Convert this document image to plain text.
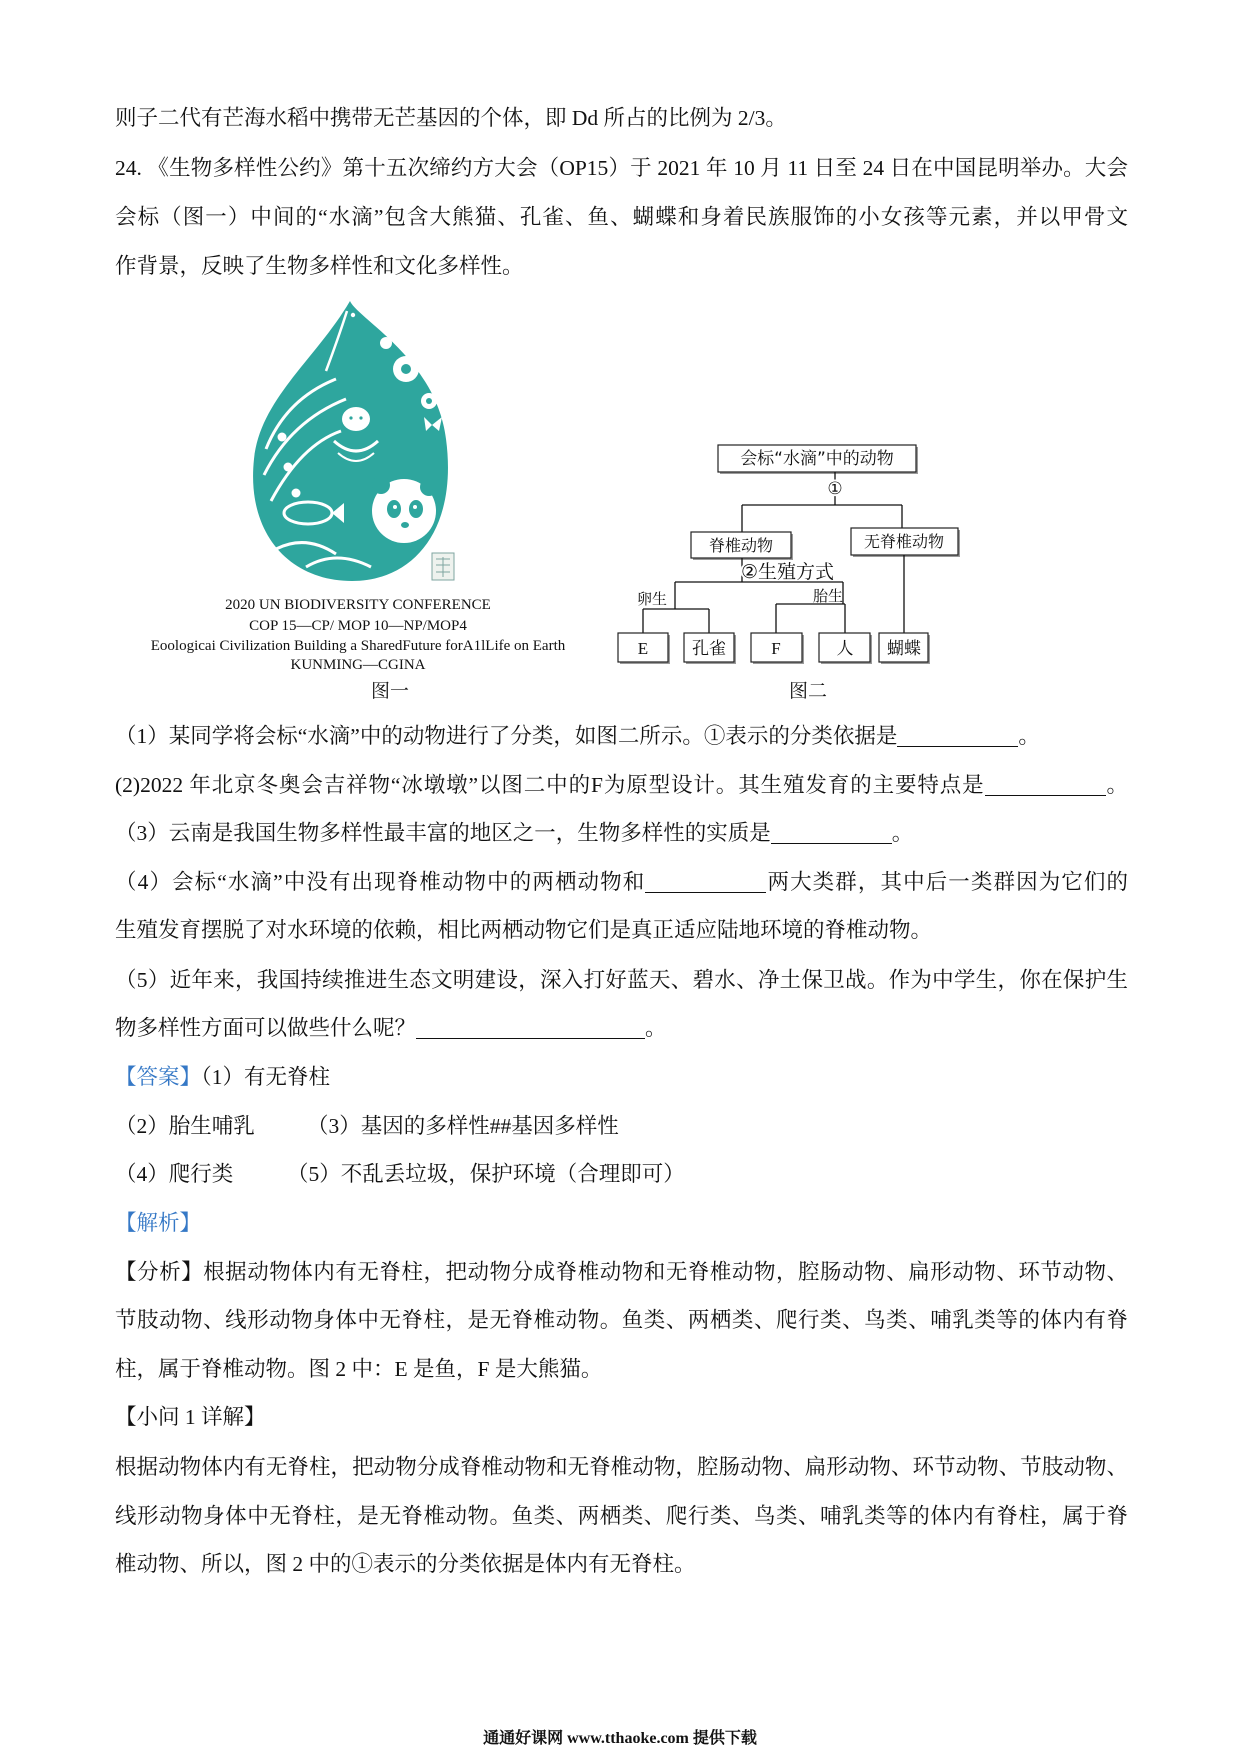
则子二代有芒海水稻中携带无芒基因的个体，即 Dd 所占的比例为 2/3。
24. 《生物多样性公约》第十五次缔约方大会（OP15）于 2021 年 10 月 11 日至 24 日在中国昆明举办。大会
会标（图一）中间的“水滴”包含大熊猫、孔雀、鱼、蝴蝶和身着民族服饰的小女孩等元素，并以甲骨文
作背景，反映了生物多样性和文化多样性。
2020 UN BIODIVERSITY CONFERENCE
COP 15—CP/ MOP 10—NP/MOP4
Eoologicai Civilization Building a SharedFuture forA1lLife on Earth
KUNMING—CGINA
图一
会标“水滴”中的动物
①
脊椎动物	无脊椎动物
②生殖方式
卵生	胎生
E	孔雀	F	人 蝴蝶
图二
（1）某同学将会标“水滴”中的动物进行了分类，如图二所示。①表示的分类依据是	。
(2)2022 年北京冬奥会吉祥物“冰墩墩”以图二中的F为原型设计。其生殖发育的主要特点是	。
（3）云南是我国生物多样性最丰富的地区之一，生物多样性的实质是	。
（4）会标“水滴”中没有出现脊椎动物中的两栖动物和	两大类群，其中后一类群因为它们的
生殖发育摆脱了对水环境的依赖，相比两栖动物它们是真正适应陆地环境的脊椎动物。
（5）近年来，我国持续推进生态文明建设，深入打好蓝天、碧水、净土保卫战。作为中学生，你在保护生
物多样性方面可以做些什么呢？	。
【答案】（1）有无脊柱
（2）胎生哺乳 （3）基因的多样性##基因多样性
（4）爬行类 （5）不乱丢垃圾，保护环境（合理即可）
【解析】
【分析】根据动物体内有无脊柱，把动物分成脊椎动物和无脊椎动物，腔肠动物、扁形动物、环节动物、
节肢动物、线形动物身体中无脊柱，是无脊椎动物。鱼类、两栖类、爬行类、鸟类、哺乳类等的体内有脊
柱，属于脊椎动物。图 2 中：E 是鱼，F 是大熊猫。
【小问 1 详解】
根据动物体内有无脊柱，把动物分成脊椎动物和无脊椎动物，腔肠动物、扁形动物、环节动物、节肢动物、
线形动物身体中无脊柱，是无脊椎动物。鱼类、两栖类、爬行类、鸟类、哺乳类等的体内有脊柱，属于脊
椎动物、所以，图 2 中的①表示的分类依据是体内有无脊柱。
通通好课网 www.tthaoke.com 提供下载
